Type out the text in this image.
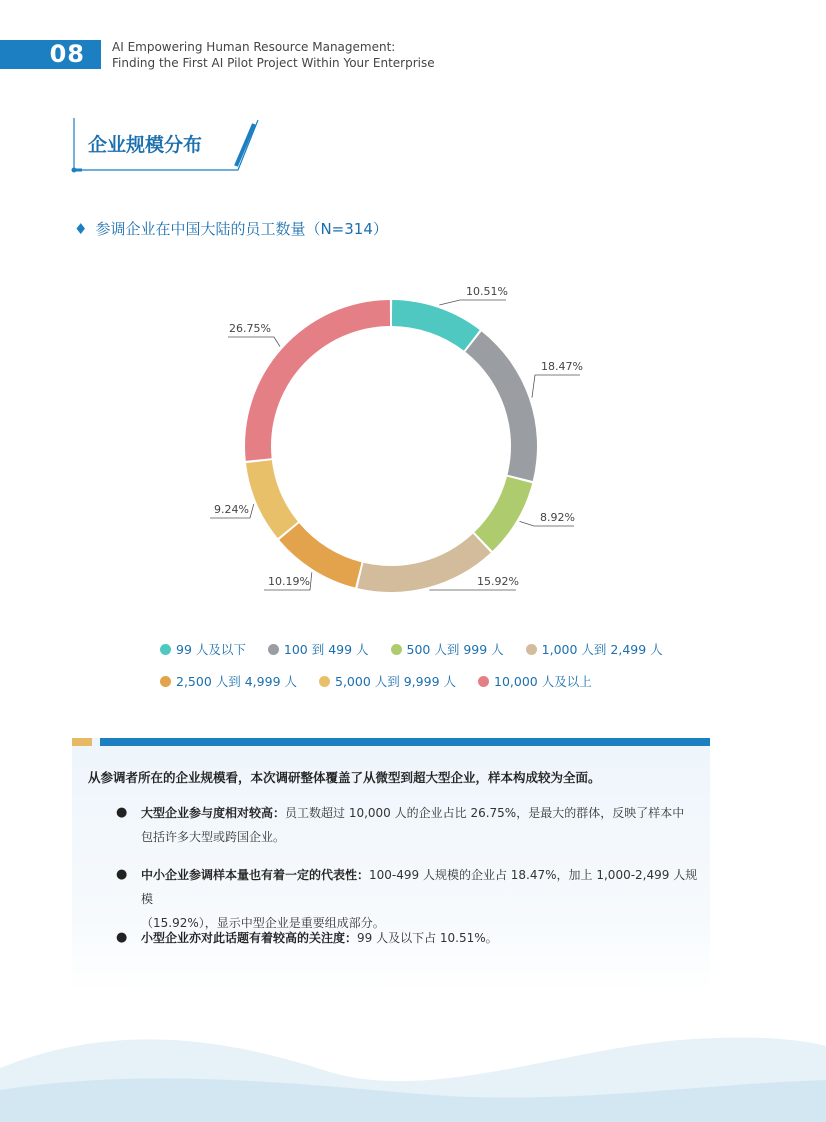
08	AI Empowering Human Resource Management:
Finding the First AI Pilot Project Within Your Enterprise
企业规模分布
♦ 参调企业在中国大陆的员工数量（N=314）
10.51%
18.47%
8.92%
15.92%
10.19%
9.24%
26.75%
99 人及以下	100 到 499 人	500 人到 999 人	1,000 人到 2,499 人
2,500 人到 4,999 人	5,000 人到 9,999 人	10,000 人及以上
从参调者所在的企业规模看，本次调研整体覆盖了从微型到超大型企业，样本构成较为全面。
● 大型企业参与度相对较高：员工数超过 10,000 人的企业占比 26.75%，是最大的群体，反映了样本中
包括许多大型或跨国企业。
● 中小企业参调样本量也有着一定的代表性：100-499 人规模的企业占 18.47%，加上 1,000-2,499 人规模
（15.92%），显示中型企业是重要组成部分。
● 小型企业亦对此话题有着较高的关注度：99 人及以下占 10.51%。
